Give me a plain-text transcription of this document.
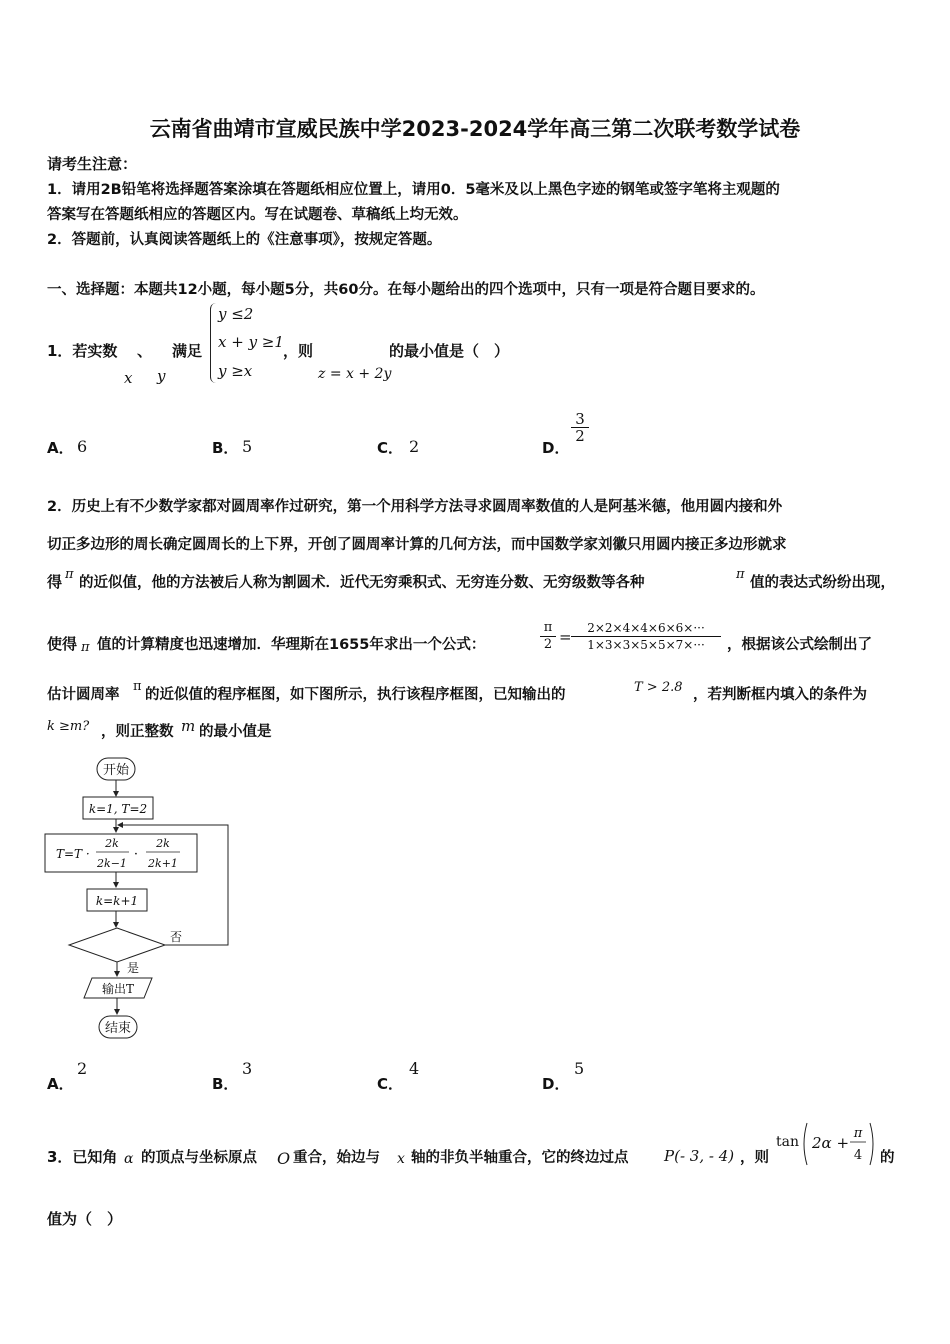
云南省曲靖市宣威民族中学2023-2024学年高三第二次联考数学试卷
请考生注意：
1．请用2B铅笔将选择题答案涂填在答题纸相应位置上，请用0．5毫米及以上黑色字迹的钢笔或签字笔将主观题的
答案写在答题纸相应的答题区内。写在试题卷、草稿纸上均无效。
2．答题前，认真阅读答题纸上的《注意事项》，按规定答题。
一、选择题：本题共12小题，每小题5分，共60分。在每小题给出的四个选项中，只有一项是符合题目要求的。
1．若实数 、 满足
x y
y ≤2
x + y ≥1
y ≥x
，则
z = x + 2y
的最小值是（　）
A． 6	B． 5	C． 2	D．
$\frac{3}{2}$
2．历史上有不少数学家都对圆周率作过研究，第一个用科学方法寻求圆周率数值的人是阿基米德，他用圆内接和外
切正多边形的周长确定圆周长的上下界，开创了圆周率计算的几何方法，而中国数学家刘徽只用圆内接正多边形就求
得 π
的近似值，他的方法被后人称为割圆术．近代无穷乘积式、无穷连分数、无穷级数等各种
π
值的表达式纷纷出现，
使得 π 值的计算精度也迅速增加．华理斯在1655年求出一个公式：	$\frac{\pi}{2} = \frac{2\times 2\times 4\times 4\times 6\times 6\times\cdot\cdot\cdot}{1\times 3\times 3\times 5\times 5\times 7\times\cdot\cdot\cdot}$ ，根据该公式绘制出了
估计圆周率
π
的近似值的程序框图，如下图所示，执行该程序框图，已知输出的	T > 2.8 ，若判断框内填入的条件为
k ≥m? ，则正整数 m 的最小值是
开始
k=1, T=2
T=T ·
2k
2k−1
·
2k
2k+1
k=k+1
否
是
输出T
结束
A．
2
B．
3
C．
4
D．
5
3．已知角 α 的顶点与坐标原点 O 重合，始边与 x 轴的非负半轴重合，它的终边过点 P(- 3, - 4) ，则
tan 2α +
π
4 的
值为（　）
